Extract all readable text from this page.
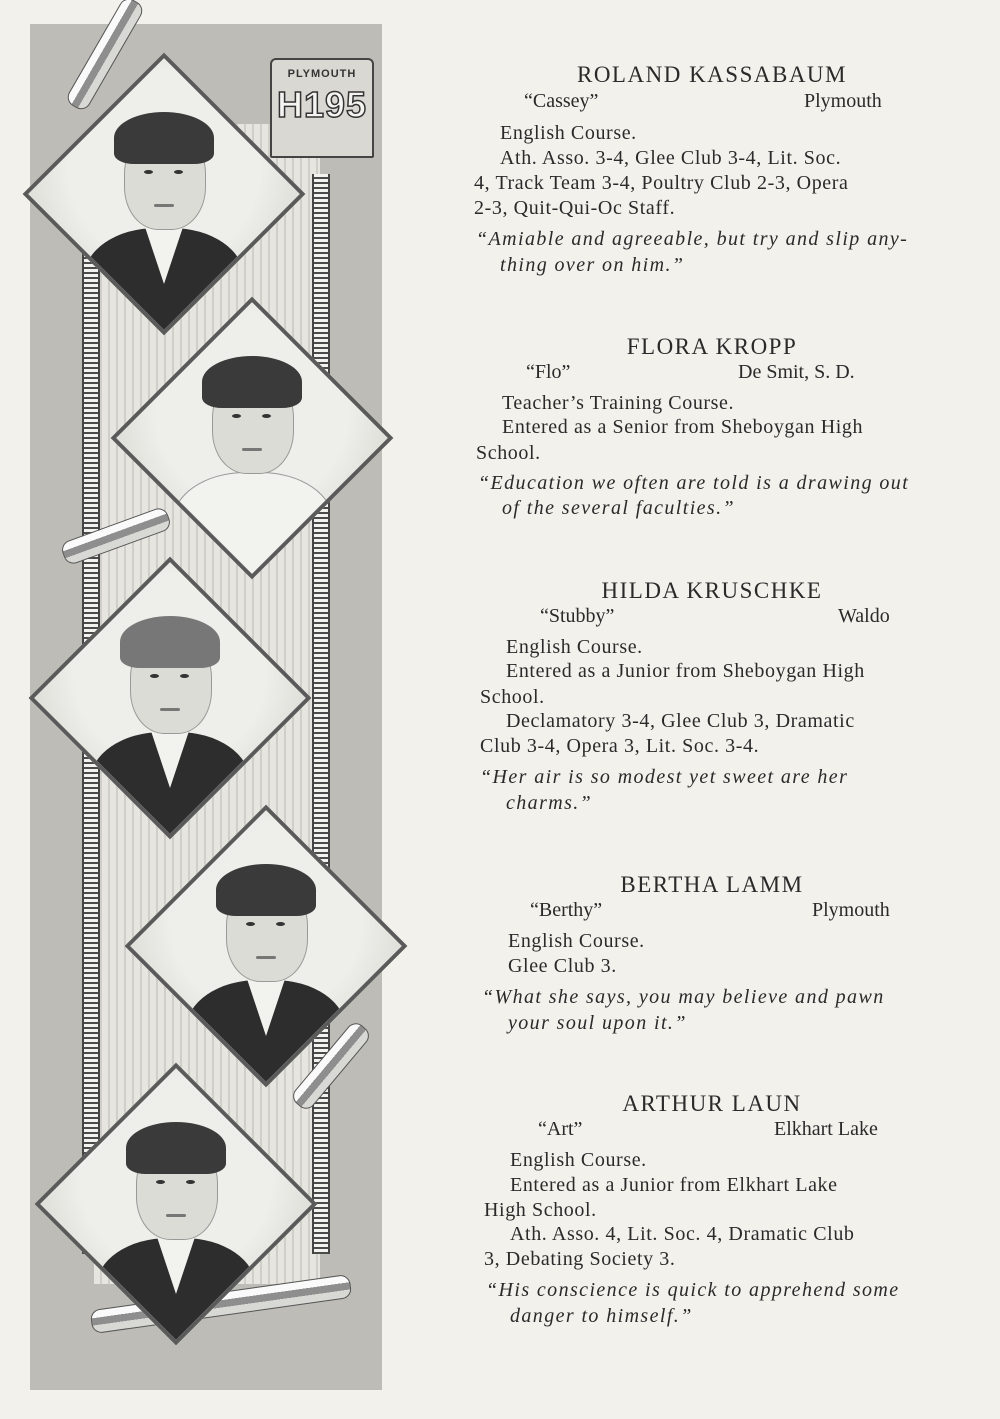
PLYMOUTH
H195
ROLAND KASSABAUM
“Cassey”	Plymouth
English Course.
Ath. Asso. 3-4, Glee Club 3-4, Lit. Soc.
4, Track Team 3-4, Poultry Club 2-3, Opera
2-3, Quit-Qui-Oc Staff.
“Amiable and agreeable, but try and slip any-
thing over on him.”
FLORA KROPP
“Flo”	De Smit, S. D.
Teacher’s Training Course.
Entered as a Senior from Sheboygan High
School.
“Education we often are told is a drawing out
of the several faculties.”
HILDA KRUSCHKE
“Stubby”	Waldo
English Course.
Entered as a Junior from Sheboygan High
School.
Declamatory 3-4, Glee Club 3, Dramatic
Club 3-4, Opera 3, Lit. Soc. 3-4.
“Her air is so modest yet sweet are her
charms.”
BERTHA LAMM
“Berthy”	Plymouth
English Course.
Glee Club 3.
“What she says, you may believe and pawn
your soul upon it.”
ARTHUR LAUN
“Art”	Elkhart Lake
English Course.
Entered as a Junior from Elkhart Lake
High School.
Ath. Asso. 4, Lit. Soc. 4, Dramatic Club
3, Debating Society 3.
“His conscience is quick to apprehend some
danger to himself.”
